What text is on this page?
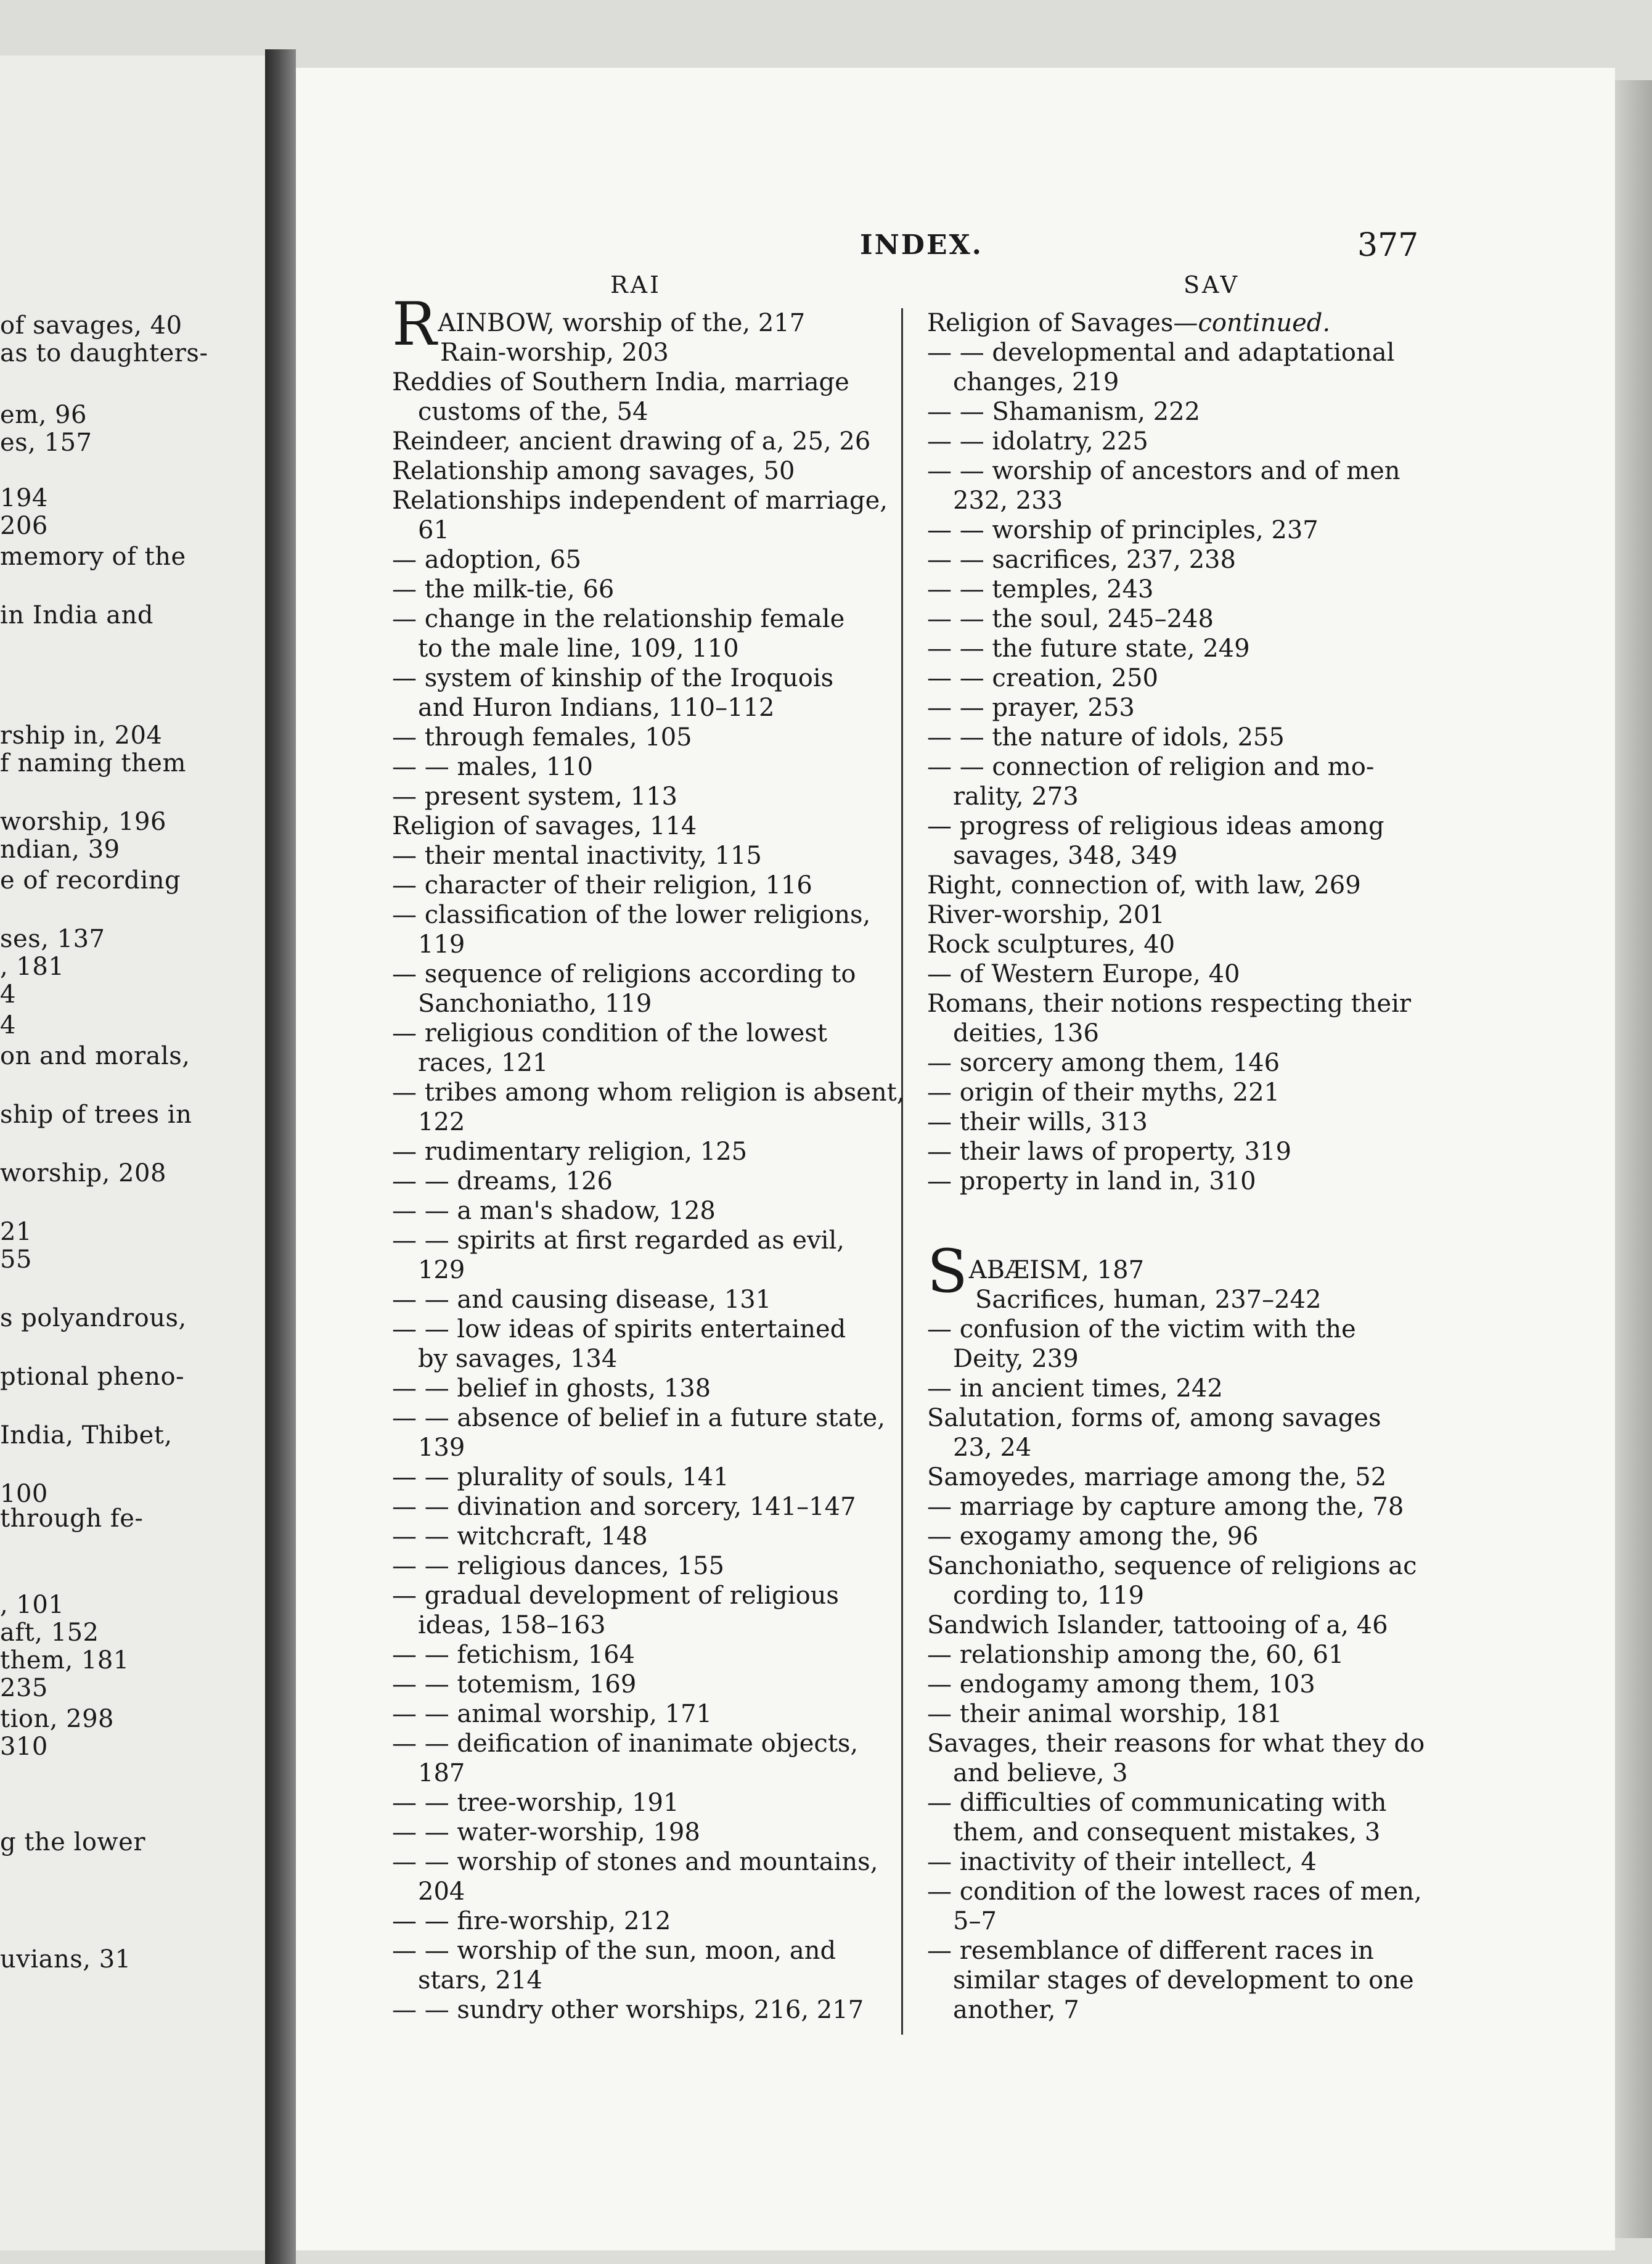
of savages, 40
as to daughters-
em, 96
es, 157
194
206
memory of the
in India and
rship in, 204
f naming them
worship, 196
ndian, 39
e of recording
ses, 137
, 181
4
4
on and morals,
ship of trees in
worship, 208
21
55
s polyandrous,
ptional pheno-
India, Thibet,
100
through fe-
, 101
aft, 152
them, 181
235
tion, 298
310
g the lower
uvians, 31
INDEX.	377
RAI	SAV
RAINBOW, worship of the, 217
Rain-worship, 203
Reddies of Southern India, marriage
customs of the, 54
Reindeer, ancient drawing of a, 25, 26
Relationship among savages, 50
Relationships independent of marriage,
61
— adoption, 65
— the milk-tie, 66
— change in the relationship female
to the male line, 109, 110
— system of kinship of the Iroquois
and Huron Indians, 110–112
— through females, 105
— — males, 110
— present system, 113
Religion of savages, 114
— their mental inactivity, 115
— character of their religion, 116
— classification of the lower religions,
119
— sequence of religions according to
Sanchoniatho, 119
— religious condition of the lowest
races, 121
— tribes among whom religion is absent,
122
— rudimentary religion, 125
— — dreams, 126
— — a man's shadow, 128
— — spirits at first regarded as evil,
129
— — and causing disease, 131
— — low ideas of spirits entertained
by savages, 134
— — belief in ghosts, 138
— — absence of belief in a future state,
139
— — plurality of souls, 141
— — divination and sorcery, 141–147
— — witchcraft, 148
— — religious dances, 155
— gradual development of religious
ideas, 158–163
— — fetichism, 164
— — totemism, 169
— — animal worship, 171
— — deification of inanimate objects,
187
— — tree-worship, 191
— — water-worship, 198
— — worship of stones and mountains,
204
— — fire-worship, 212
— — worship of the sun, moon, and
stars, 214
— — sundry other worships, 216, 217
Religion of Savages—continued.
— — developmental and adaptational
changes, 219
— — Shamanism, 222
— — idolatry, 225
— — worship of ancestors and of men
232, 233
— — worship of principles, 237
— — sacrifices, 237, 238
— — temples, 243
— — the soul, 245–248
— — the future state, 249
— — creation, 250
— — prayer, 253
— — the nature of idols, 255
— — connection of religion and mo-
rality, 273
— progress of religious ideas among
savages, 348, 349
Right, connection of, with law, 269
River-worship, 201
Rock sculptures, 40
— of Western Europe, 40
Romans, their notions respecting their
deities, 136
— sorcery among them, 146
— origin of their myths, 221
— their wills, 313
— their laws of property, 319
— property in land in, 310
SABÆISM, 187
Sacrifices, human, 237–242
— confusion of the victim with the
Deity, 239
— in ancient times, 242
Salutation, forms of, among savages
23, 24
Samoyedes, marriage among the, 52
— marriage by capture among the, 78
— exogamy among the, 96
Sanchoniatho, sequence of religions ac
cording to, 119
Sandwich Islander, tattooing of a, 46
— relationship among the, 60, 61
— endogamy among them, 103
— their animal worship, 181
Savages, their reasons for what they do
and believe, 3
— difficulties of communicating with
them, and consequent mistakes, 3
— inactivity of their intellect, 4
— condition of the lowest races of men,
5–7
— resemblance of different races in
similar stages of development to one
another, 7
